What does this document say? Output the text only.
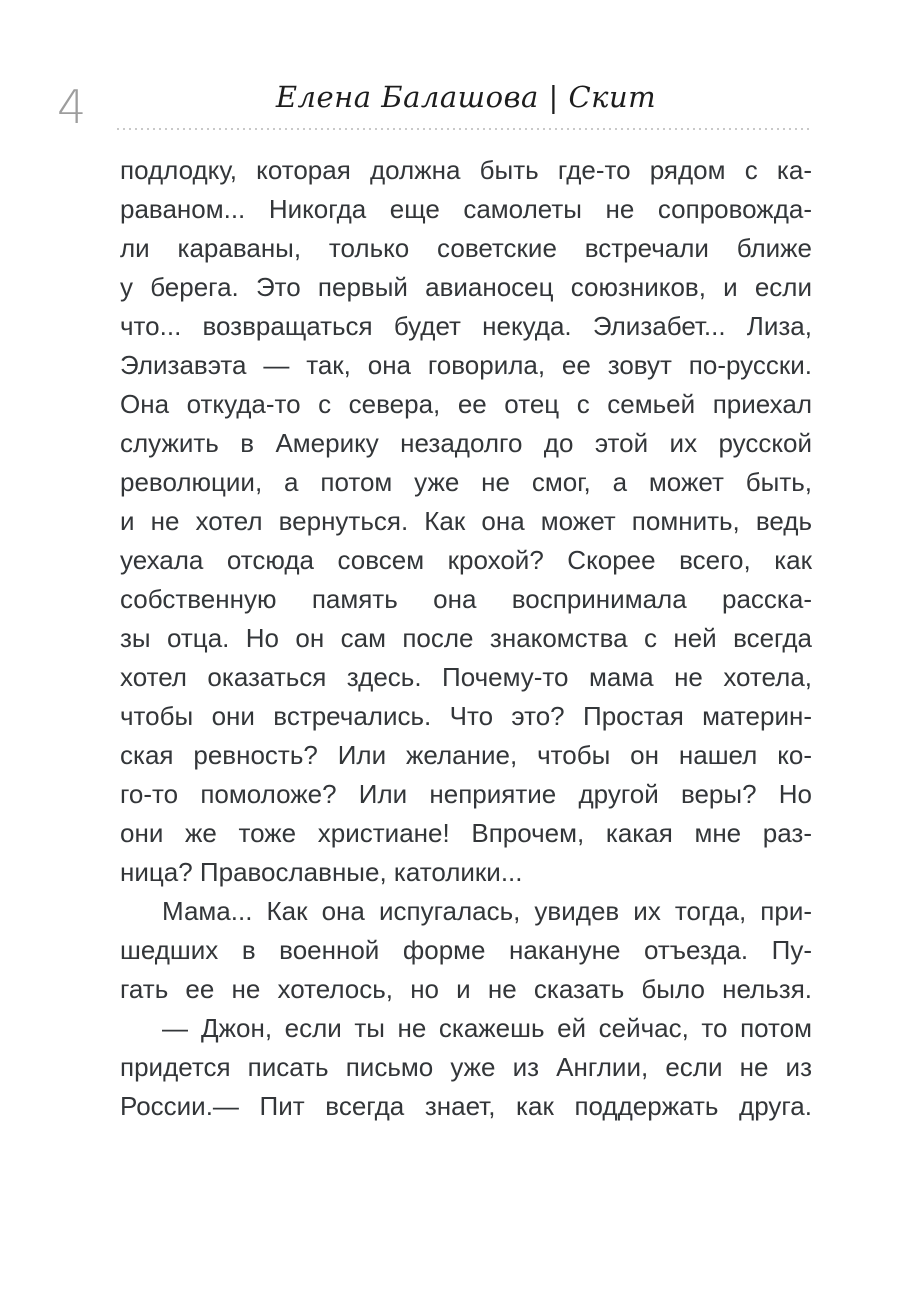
4	Елена Балашова | Скит
подлодку, которая должна быть где-то рядом с ка-
раваном... Никогда еще самолеты не сопровожда-
ли караваны, только советские встречали ближе
у берега. Это первый авианосец союзников, и если
что... возвращаться будет некуда. Элизабет... Лиза,
Элизавэта — так, она говорила, ее зовут по-русски.
Она откуда-то с севера, ее отец с семьей приехал
служить в Америку незадолго до этой их русской
революции, а потом уже не смог, а может быть,
и не хотел вернуться. Как она может помнить, ведь
уехала отсюда совсем крохой? Скорее всего, как
собственную память она воспринимала расска-
зы отца. Но он сам после знакомства с ней всегда
хотел оказаться здесь. Почему-то мама не хотела,
чтобы они встречались. Что это? Простая материн-
ская ревность? Или желание, чтобы он нашел ко-
го-то помоложе? Или неприятие другой веры? Но
они же тоже христиане! Впрочем, какая мне раз-
ница? Православные, католики...
Мама... Как она испугалась, увидев их тогда, при-
шедших в военной форме накануне отъезда. Пу-
гать ее не хотелось, но и не сказать было нельзя.
— Джон, если ты не скажешь ей сейчас, то потом
придется писать письмо уже из Англии, если не из
России.— Пит всегда знает, как поддержать друга.
